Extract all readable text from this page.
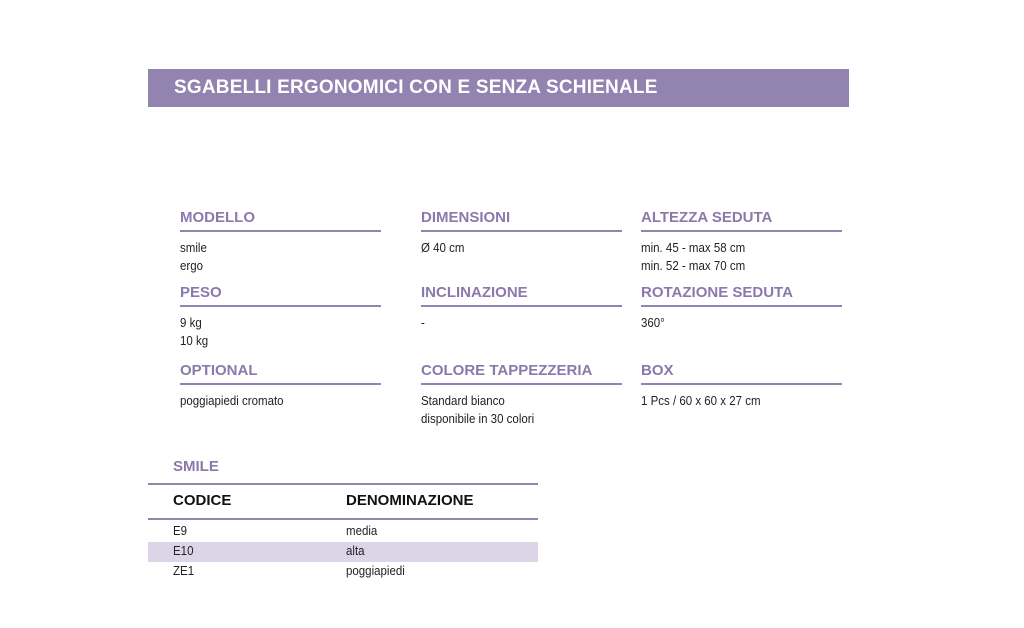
SGABELLI ERGONOMICI CON E SENZA SCHIENALE
MODELLO
smile
ergo
DIMENSIONI
Ø 40 cm
ALTEZZA SEDUTA
min. 45 - max 58 cm
min. 52 - max 70 cm
PESO
9 kg
10 kg
INCLINAZIONE
-
ROTAZIONE SEDUTA
360°
OPTIONAL
poggiapiedi cromato
COLORE TAPPEZZERIA
Standard bianco
disponibile in 30 colori
BOX
1 Pcs / 60 x 60 x 27 cm
SMILE
CODICE	DENOMINAZIONE
E9	media
E10	alta
ZE1	poggiapiedi
